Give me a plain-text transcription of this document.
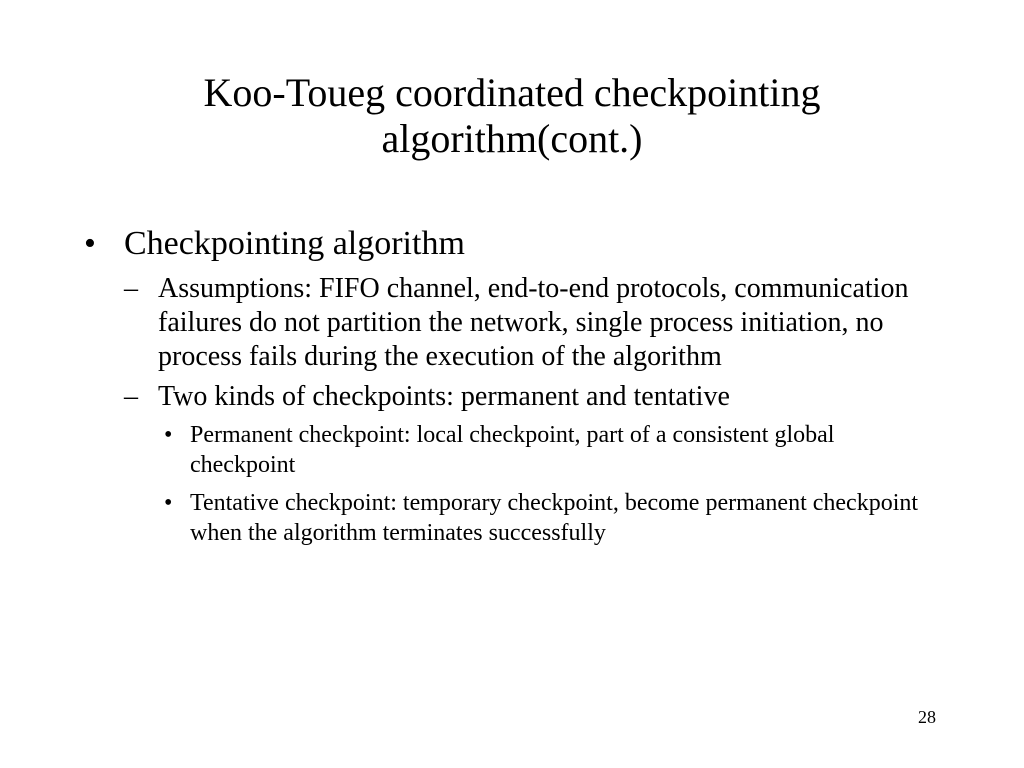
Koo-Toueg coordinated checkpointing
algorithm(cont.)
• Checkpointing algorithm
– Assumptions: FIFO channel, end-to-end protocols, communication failures do not partition the network, single process initiation, no process fails during the execution of the algorithm
– Two kinds of checkpoints: permanent and tentative
• Permanent checkpoint: local checkpoint, part of a consistent global checkpoint
• Tentative checkpoint: temporary checkpoint, become permanent checkpoint when the algorithm terminates successfully
28
